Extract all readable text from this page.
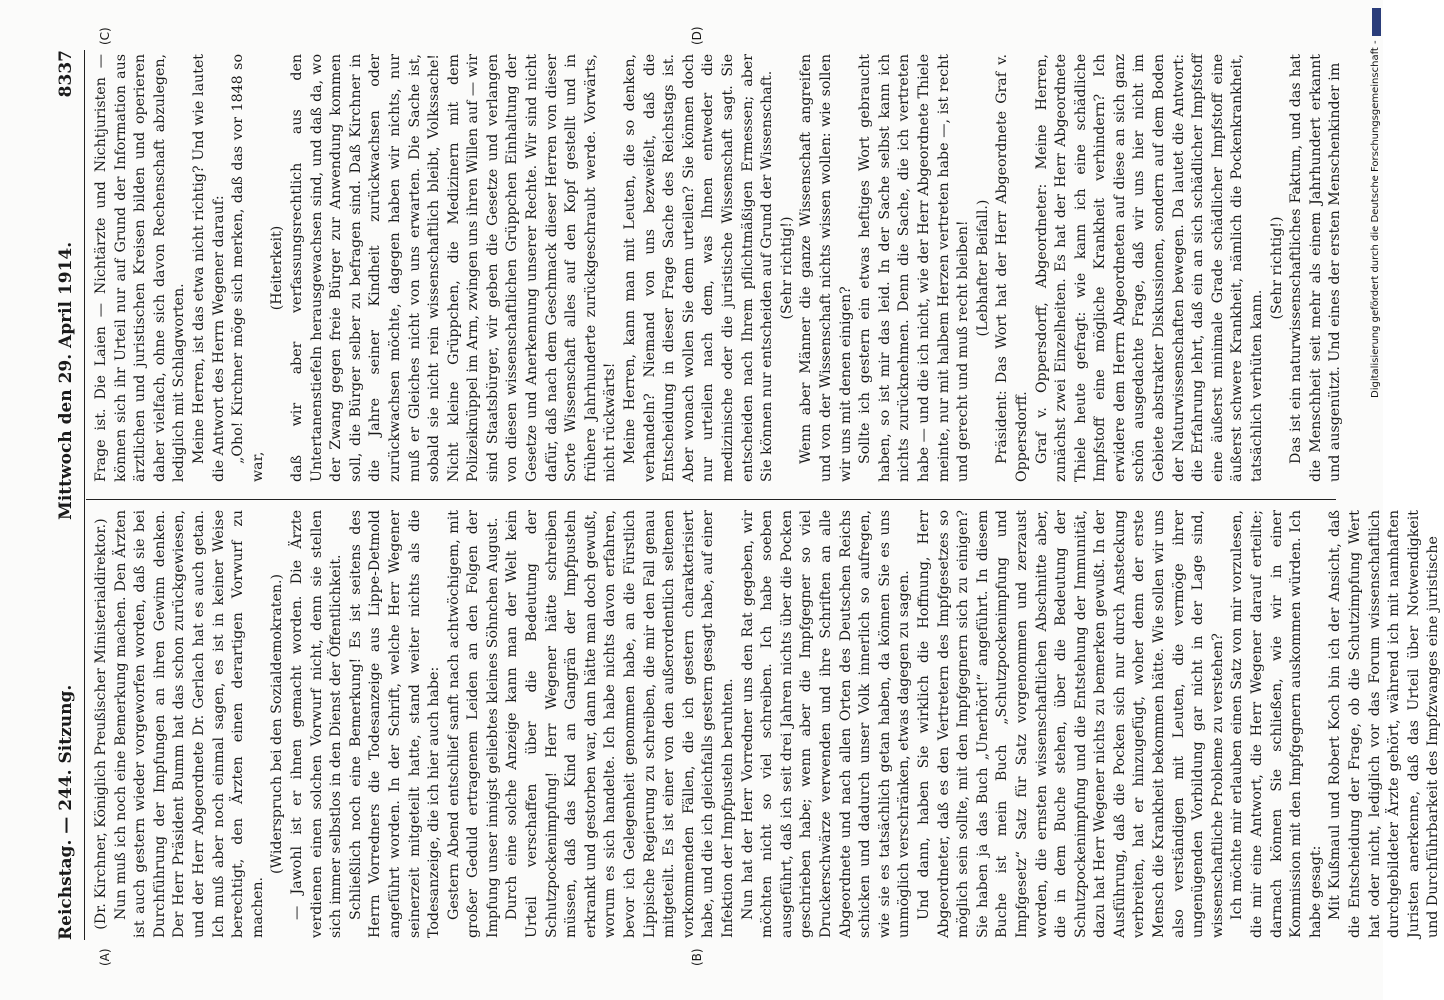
Reichstag. — 244. Sitzung.
Mittwoch den 29. April 1914.
8337
(A)	(B)
(C)	(D)

(Dr. Kirchner, Königlich Preußischer Ministerialdirektor.) Nun muß ich noch eine Bemerkung machen. Den Ärzten ist auch gestern wieder vorgeworfen worden, daß sie bei Durchführung der Impfungen an ihren Gewinn denken. Der Herr Präsident Bumm hat das schon zurückgewiesen, und der Herr Abgeordnete Dr. Gerlach hat es auch getan. Ich muß aber noch einmal sagen, es ist in keiner Weise berechtigt, den Ärzten einen derartigen Vorwurf zu machen.

(Widerspruch bei den Sozialdemokraten.) — Jawohl ist er ihnen gemacht worden. Die Ärzte verdienen einen solchen Vorwurf nicht, denn sie stellen sich immer selbstlos in den Dienst der Öffentlichkeit. Schließlich noch eine Bemerkung! Es ist seitens des Herrn Vorredners die Todesanzeige aus Lippe-Detmold angeführt worden. In der Schrift, welche Herr Wegener seinerzeit mitgeteilt hatte, stand weiter nichts als die Todesanzeige, die ich hier auch habe: Gestern Abend entschlief sanft nach achtwöchigem, mit großer Geduld ertragenem Leiden an den Folgen der Impfung unser innigst geliebtes kleines Söhnchen August. Durch eine solche Anzeige kann man der Welt kein Urteil verschaffen über die Bedeutung der Schutzpockenimpfung! Herr Wegener hätte schreiben müssen, daß das Kind an Gangrän der Impfpusteln erkrankt und gestorben war, dann hätte man doch gewußt, worum es sich handelte. Ich habe nichts davon erfahren, bevor ich Gelegenheit genommen habe, an die Fürstlich Lippische Regierung zu schreiben, die mir den Fall genau mitgeteilt. Es ist einer von den außerordentlich seltenen vorkommenden Fällen, die ich gestern charakterisiert habe, und die ich gleichfalls gestern gesagt habe, auf einer Infektion der Impfpusteln beruhten. Nun hat der Herr Vorredner uns den Rat gegeben, wir möchten nicht so viel schreiben. Ich habe soeben ausgeführt, daß ich seit drei Jahren nichts über die Pocken geschrieben habe; wenn aber die Impfgegner so viel Druckerschwärze verwenden und ihre Schriften an alle Abgeordnete und nach allen Orten des Deutschen Reichs schicken und dadurch unser Volk innerlich so aufregen, wie sie es tatsächlich getan haben, da können Sie es uns unmöglich verschränken, etwas dagegen zu sagen. Und dann, haben Sie wirklich die Hoffnung, Herr Abgeordneter, daß es den Vertretern des Impfgesetzes so möglich sein sollte, mit den Impfgegnern sich zu einigen? Sie haben ja das Buch „Unerhört!“ angeführt. In diesem Buche ist mein Buch „Schutzpockenimpfung und Impfgesetz“ Satz für Satz vorgenommen und zerzaust worden, die ernsten wissenschaftlichen Abschnitte aber, die in dem Buche stehen, über die Bedeutung der Schutzpockenimpfung und die Entstehung der Immunität, dazu hat Herr Wegener nichts zu bemerken gewußt. In der Ausführung, daß die Pocken sich nur durch Ansteckung verbreiten, hat er hinzugefügt, woher denn der erste Mensch die Krankheit bekommen hätte. Wie sollen wir uns also verständigen mit Leuten, die vermöge ihrer ungenügenden Vorbildung gar nicht in der Lage sind, wissenschaftliche Probleme zu verstehen? Ich möchte mir erlauben einen Satz von mir vorzulesen, die mir eine Antwort, die Herr Wegener darauf erteilte; darnach können Sie schließen, wie wir in einer Kommission mit den Impfgegnern auskommen würden. Ich habe gesagt: Mit Kußmaul und Robert Koch bin ich der Ansicht, daß die Entscheidung der Frage, ob die Schutzimpfung Wert hat oder nicht, lediglich vor das Forum wissenschaftlich durchgebildeter Ärzte gehört, während ich mit namhaften Juristen anerkenne, daß das Urteil über Notwendigkeit und Durchführbarkeit des Impfzwanges eine juristische

Frage ist. Die Laien — Nichtärzte und Nichtjuristen — können sich ihr Urteil nur auf Grund der Information aus ärztlichen und juristischen Kreisen bilden und operieren daher vielfach, ohne sich davon Rechenschaft abzulegen, lediglich mit Schlagworten. Meine Herren, ist das etwa nicht richtig? Und wie lautet die Antwort des Herrn Wegener darauf: „Oho! Kirchner möge sich merken, daß das vor 1848 so war,

(Heiterkeit) daß wir aber verfassungsrechtlich aus den Untertanenstiefeln herausgewachsen sind, und daß da, wo der Zwang gegen freie Bürger zur Anwendung kommen soll, die Bürger selber zu befragen sind. Daß Kirchner in die Jahre seiner Kindheit zurückwachsen oder zurückwachsen möchte, dagegen haben wir nichts, nur muß er Gleiches nicht von uns erwarten. Die Sache ist, sobald sie nicht rein wissenschaftlich bleibt, Volkssache! Nicht kleine Grüppchen, die Medizinern mit dem Polizeiknüppel im Arm, zwingen uns ihren Willen auf — wir sind Staatsbürger, wir geben die Gesetze und verlangen von diesen wissenschaftlichen Grüppchen Einhaltung der Gesetze und Anerkennung unserer Rechte. Wir sind nicht dafür, daß nach dem Geschmack dieser Herren von dieser Sorte Wissenschaft alles auf den Kopf gestellt und in frühere Jahrhunderte zurückgeschraubt werde. Vorwärts, nicht rückwärts! Meine Herren, kann man mit Leuten, die so denken, verhandeln? Niemand von uns bezweifelt, daß die Entscheidung in dieser Frage Sache des Reichstags ist. Aber wonach wollen Sie denn urteilen? Sie können doch nur urteilen nach dem, was Ihnen entweder die medizinische oder die juristische Wissenschaft sagt. Sie entscheiden nach Ihrem pflichtmäßigen Ermessen; aber Sie können nur entscheiden auf Grund der Wissenschaft. (Sehr richtig!) Wenn aber Männer die ganze Wissenschaft angreifen und von der Wissenschaft nichts wissen wollen: wie sollen wir uns mit denen einigen? Sollte ich gestern ein etwas heftiges Wort gebraucht haben, so ist mir das leid. In der Sache selbst kann ich nichts zurücknehmen. Denn die Sache, die ich vertreten habe — und die ich nicht, wie der Herr Abgeordnete Thiele meinte, nur mit halbem Herzen vertreten habe —, ist recht und gerecht und muß recht bleiben! (Lebhafter Beifall.) Präsident: Das Wort hat der Herr Abgeordnete Graf v. Oppersdorff. Graf v. Oppersdorff, Abgeordneter: Meine Herren, zunächst zwei Einzelheiten. Es hat der Herr Abgeordnete Thiele heute gefragt: wie kann ich eine schädliche Impfstoff eine mögliche Krankheit verhindern? Ich erwidere dem Herrn Abgeordneten auf diese an sich ganz schön ausgedachte Frage, daß wir uns hier nicht im Gebiete abstrakter Diskussionen, sondern auf dem Boden der Naturwissenschaften bewegen. Da lautet die Antwort: die Erfahrung lehrt, daß ein an sich schädlicher Impfstoff eine äußerst minimale Grade schädlicher Impfstoff eine äußerst schwere Krankheit, nämlich die Pockenkrankheit, tatsächlich verhüten kann.

(Sehr richtig!) Das ist ein naturwissenschaftliches Faktum, und das hat die Menschheit seit mehr als einem Jahrhundert erkannt und ausgenützt. Und eines der ersten Menschenkinder im	Digitalisierung gefördert durch die Deutsche Forschungsgemeinschaft -
